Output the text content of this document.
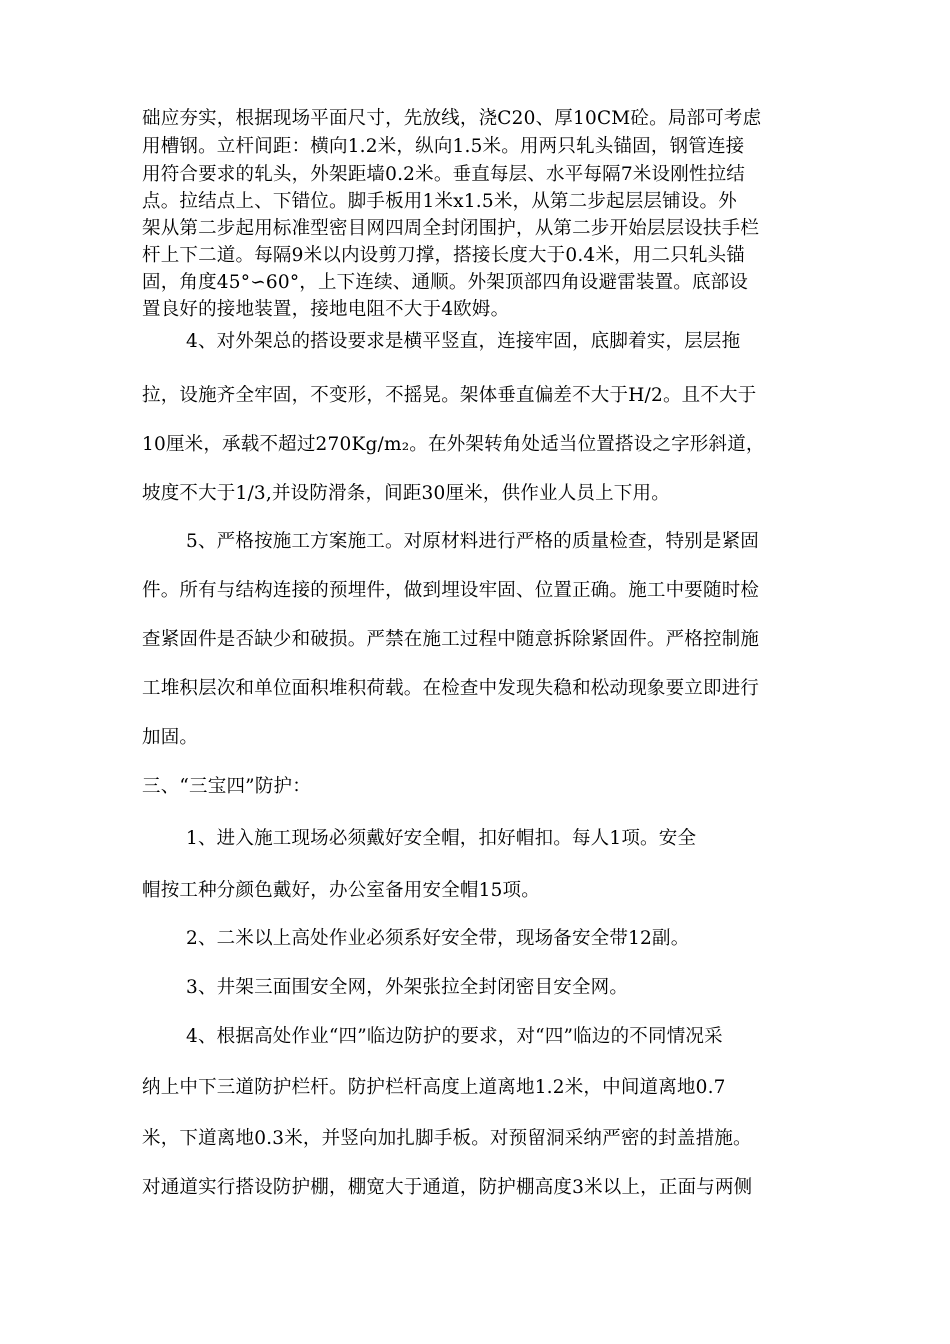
础应夯实，根据现场平面尺寸，先放线，浇C20、厚10CM砼。局部可考虑
用槽钢。立杆间距：横向1.2米，纵向1.5米。用两只轧头锚固，钢管连接
用符合要求的轧头，外架距墙0.2米。垂直每层、水平每隔7米设刚性拉结
点。拉结点上、下错位。脚手板用1米x1.5米，从第二步起层层铺设。外
架从第二步起用标准型密目网四周全封闭围护，从第二步开始层层设扶手栏
杆上下二道。每隔9米以内设剪刀撑，搭接长度大于0.4米，用二只轧头锚
固，角度45°∽60°，上下连续、通顺。外架顶部四角设避雷装置。底部设
置良好的接地装置，接地电阻不大于4欧姆。
4、对外架总的搭设要求是横平竖直，连接牢固，底脚着实，层层拖
拉，设施齐全牢固，不变形，不摇晃。架体垂直偏差不大于H/2。且不大于
10厘米，承载不超过270Kg/m₂。在外架转角处适当位置搭设之字形斜道，
坡度不大于1/3,并设防滑条，间距30厘米，供作业人员上下用。
5、严格按施工方案施工。对原材料进行严格的质量检查，特别是紧固
件。所有与结构连接的预埋件，做到埋设牢固、位置正确。施工中要随时检
查紧固件是否缺少和破损。严禁在施工过程中随意拆除紧固件。严格控制施
工堆积层次和单位面积堆积荷载。在检查中发现失稳和松动现象要立即进行
加固。
三、“三宝四”防护：
1、进入施工现场必须戴好安全帽，扣好帽扣。每人1项。安全
帽按工种分颜色戴好，办公室备用安全帽15项。
2、二米以上高处作业必须系好安全带，现场备安全带12副。
3、井架三面围安全网，外架张拉全封闭密目安全网。
4、根据高处作业“四”临边防护的要求，对“四”临边的不同情况采
纳上中下三道防护栏杆。防护栏杆高度上道离地1.2米，中间道离地0.7
米，下道离地0.3米，并竖向加扎脚手板。对预留洞采纳严密的封盖措施。
对通道实行搭设防护棚，棚宽大于通道，防护棚高度3米以上，正面与两侧
